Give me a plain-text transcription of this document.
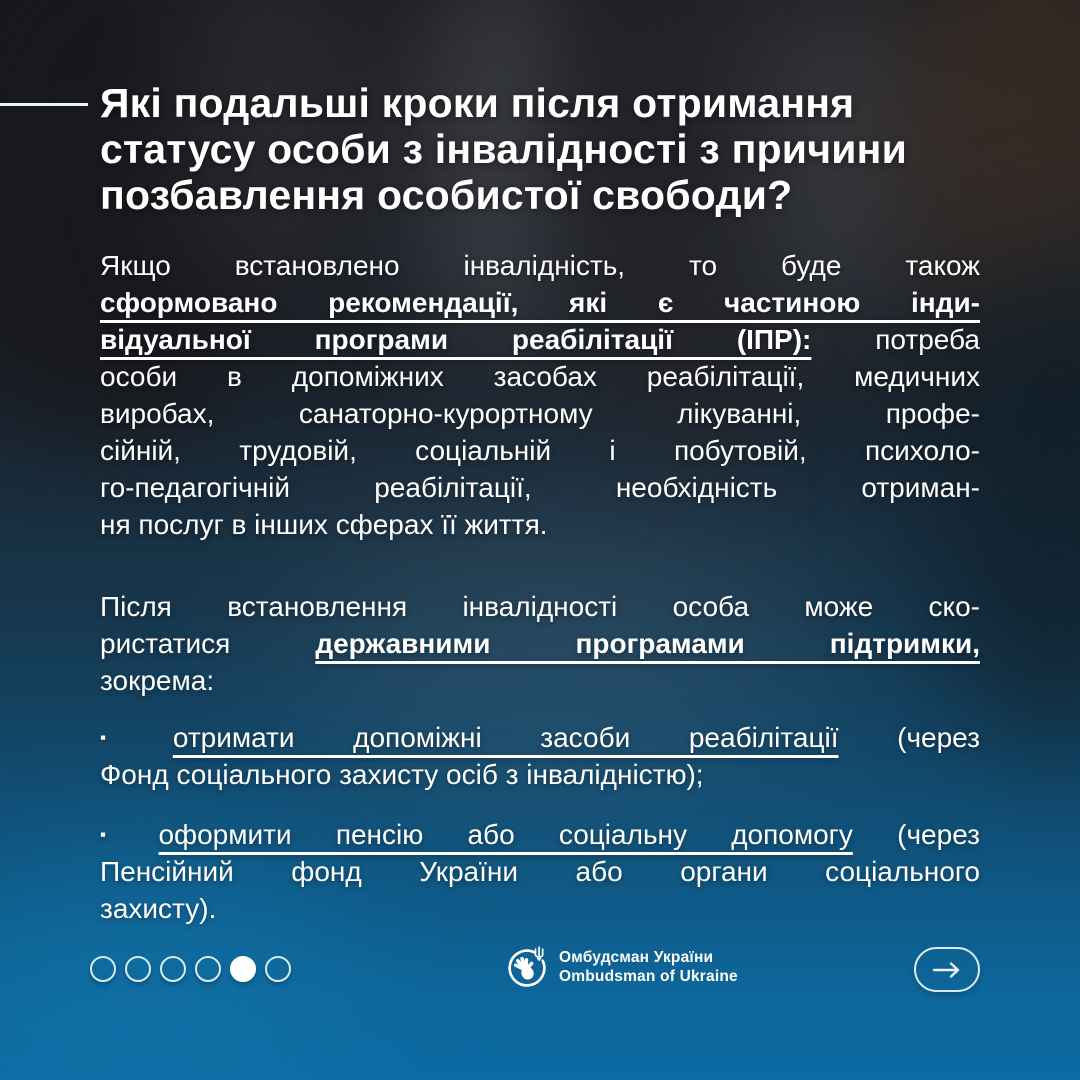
Які подальші кроки після отримання
статусу особи з інвалідності з причини
позбавлення особистої свободи?
Якщо встановлено інвалідність, то буде також
сформовано рекомендації, які є частиною інди-
відуальної програми реабілітації (ІПР): потреба
особи в допоміжних засобах реабілітації, медичних
виробах, санаторно-курортному лікуванні, профе-
сійній, трудовій, соціальній і побутовій, психоло-
го-педагогічній реабілітації, необхідність отриман-
ня послуг в інших сферах її життя.
Після встановлення інвалідності особа може ско-
ристатися державними програмами підтримки,
зокрема:
▪ отримати допоміжні засоби реабілітації (через
Фонд соціального захисту осіб з інвалідністю);
▪ оформити пенсію або соціальну допомогу (через
Пенсійний фонд України або органи соціального
захисту).
Омбудсман України
Ombudsman of Ukraine
